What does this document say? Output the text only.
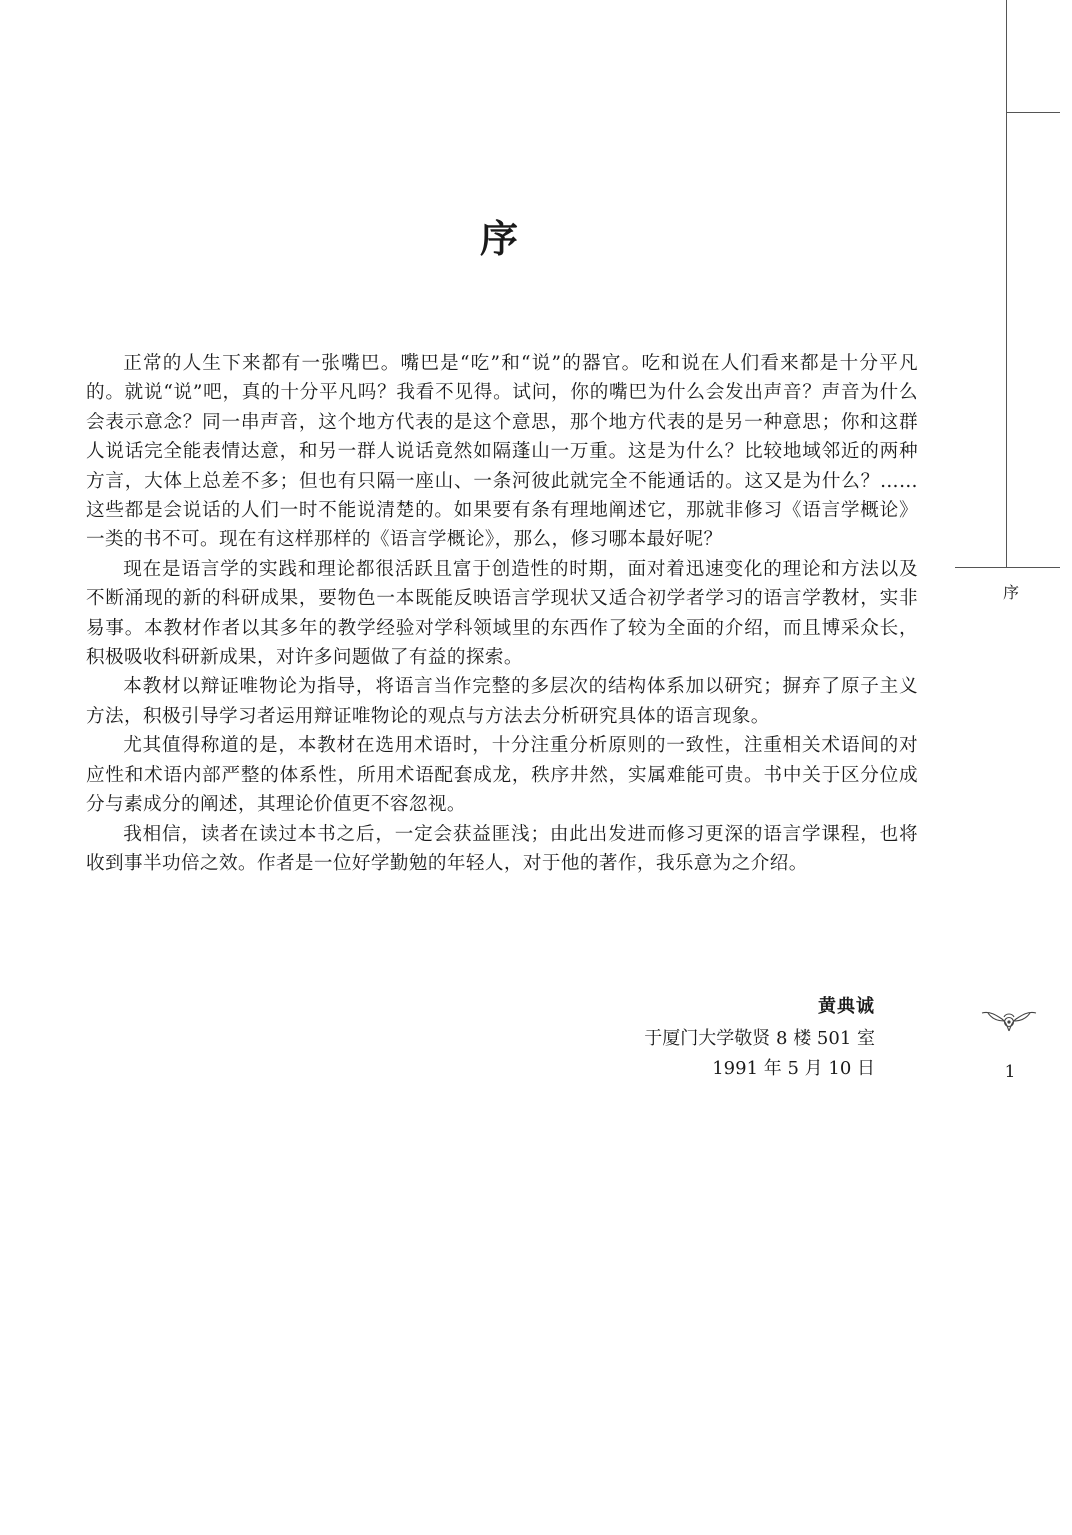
序
1
序

正常的人生下来都有一张嘴巴。嘴巴是“吃”和“说”的器官。吃和说在人们看来都是十分平凡的。就说“说”吧，真的十分平凡吗？我看不见得。试问，你的嘴巴为什么会发出声音？声音为什么会表示意念？同一串声音，这个地方代表的是这个意思，那个地方代表的是另一种意思；你和这群人说话完全能表情达意，和另一群人说话竟然如隔蓬山一万重。这是为什么？比较地域邻近的两种方言，大体上总差不多；但也有只隔一座山、一条河彼此就完全不能通话的。这又是为什么？……这些都是会说话的人们一时不能说清楚的。如果要有条有理地阐述它，那就非修习《语言学概论》一类的书不可。现在有这样那样的《语言学概论》，那么，修习哪本最好呢？

现在是语言学的实践和理论都很活跃且富于创造性的时期，面对着迅速变化的理论和方法以及不断涌现的新的科研成果，要物色一本既能反映语言学现状又适合初学者学习的语言学教材，实非易事。本教材作者以其多年的教学经验对学科领域里的东西作了较为全面的介绍，而且博采众长，积极吸收科研新成果，对许多问题做了有益的探索。

本教材以辩证唯物论为指导，将语言当作完整的多层次的结构体系加以研究；摒弃了原子主义方法，积极引导学习者运用辩证唯物论的观点与方法去分析研究具体的语言现象。

尤其值得称道的是，本教材在选用术语时，十分注重分析原则的一致性，注重相关术语间的对应性和术语内部严整的体系性，所用术语配套成龙，秩序井然，实属难能可贵。书中关于区分位成分与素成分的阐述，其理论价值更不容忽视。

我相信，读者在读过本书之后，一定会获益匪浅；由此出发进而修习更深的语言学课程，也将收到事半功倍之效。作者是一位好学勤勉的年轻人，对于他的著作，我乐意为之介绍。

黄典诚
于厦门大学敬贤 8 楼 501 室
1991 年 5 月 10 日
